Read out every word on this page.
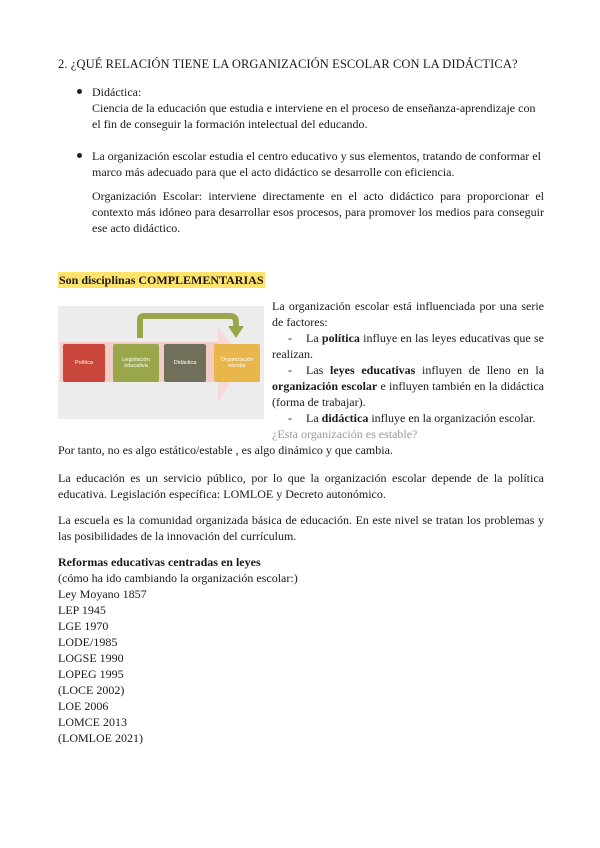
2. ¿QUÉ RELACIÓN TIENE LA ORGANIZACIÓN ESCOLAR CON LA DIDÁCTICA?
Didáctica:
Ciencia de la educación que estudia e interviene en el proceso de enseñanza-aprendizaje con el fin de conseguir la formación intelectual del educando.
La organización escolar estudia el centro educativo y sus elementos, tratando de conformar el marco más adecuado para que el acto didáctico se desarrolle con eficiencia.
Organización Escolar: interviene directamente en el acto didáctico para proporcionar el contexto más idóneo para desarrollar esos procesos, para promover los medios para conseguir ese acto didáctico.
Son disciplinas COMPLEMENTARIAS
Política	Legislación educativa	Didáctica	Organización escolar
La organización escolar está influenciada por una serie de factores:
- La política influye en las leyes educativas que se realizan.
- Las leyes educativas influyen de lleno en la organización escolar e influyen también en la didáctica (forma de trabajar).
- La didáctica influye en la organización escolar.
¿Esta organización es estable?
Por tanto, no es algo estático/estable , es algo dinámico y que cambia.
La educación es un servicio público, por lo que la organización escolar depende de la política educativa. Legislación específica: LOMLOE y Decreto autonómico.
La escuela es la comunidad organizada básica de educación. En este nivel se tratan los problemas y las posibilidades de la innovación del currículum.
Reformas educativas centradas en leyes
(cómo ha ido cambiando la organización escolar:)
Ley Moyano 1857
LEP 1945
LGE 1970
LODE/1985
LOGSE 1990
LOPEG 1995
(LOCE 2002)
LOE 2006
LOMCE 2013
(LOMLOE 2021)
